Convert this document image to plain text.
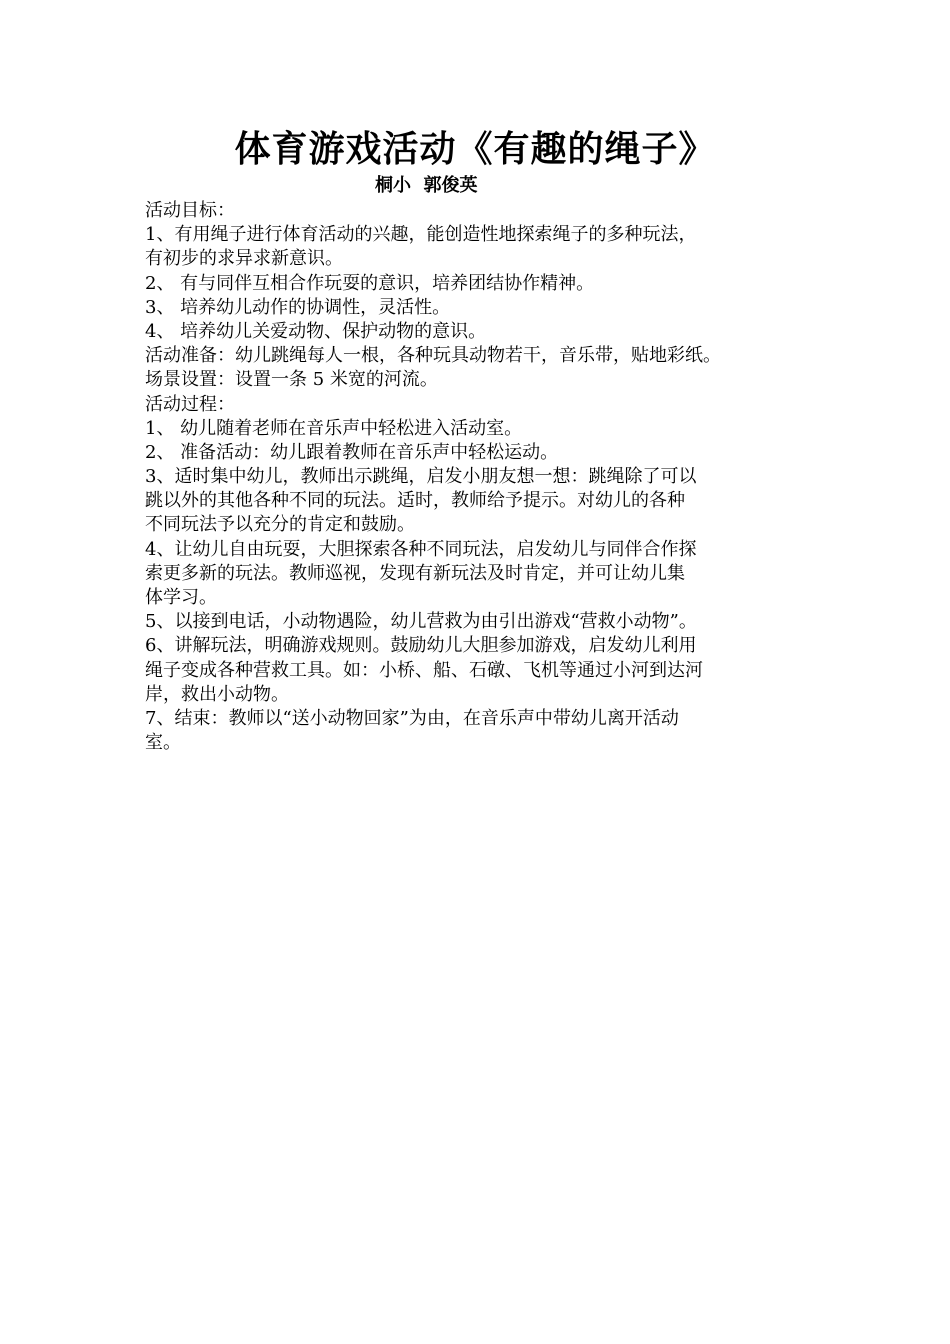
体育游戏活动《有趣的绳子》
桐小  郭俊英
活动目标：
1、有用绳子进行体育活动的兴趣，能创造性地探索绳子的多种玩法，
有初步的求异求新意识。
2、 有与同伴互相合作玩耍的意识，培养团结协作精神。
3、 培养幼儿动作的协调性，灵活性。
4、 培养幼儿关爱动物、保护动物的意识。
活动准备：幼儿跳绳每人一根，各种玩具动物若干，音乐带，贴地彩纸。
场景设置：设置一条 5 米宽的河流。
活动过程：
1、 幼儿随着老师在音乐声中轻松进入活动室。
2、 准备活动：幼儿跟着教师在音乐声中轻松运动。
3、适时集中幼儿，教师出示跳绳，启发小朋友想一想：跳绳除了可以
跳以外的其他各种不同的玩法。适时，教师给予提示。对幼儿的各种
不同玩法予以充分的肯定和鼓励。
4、让幼儿自由玩耍，大胆探索各种不同玩法，启发幼儿与同伴合作探
索更多新的玩法。教师巡视，发现有新玩法及时肯定，并可让幼儿集
体学习。
5、以接到电话，小动物遇险，幼儿营救为由引出游戏“营救小动物”。
6、讲解玩法，明确游戏规则。鼓励幼儿大胆参加游戏，启发幼儿利用
绳子变成各种营救工具。如：小桥、船、石礅、飞机等通过小河到达河
岸，救出小动物。
7、结束：教师以“送小动物回家”为由，在音乐声中带幼儿离开活动
室。
